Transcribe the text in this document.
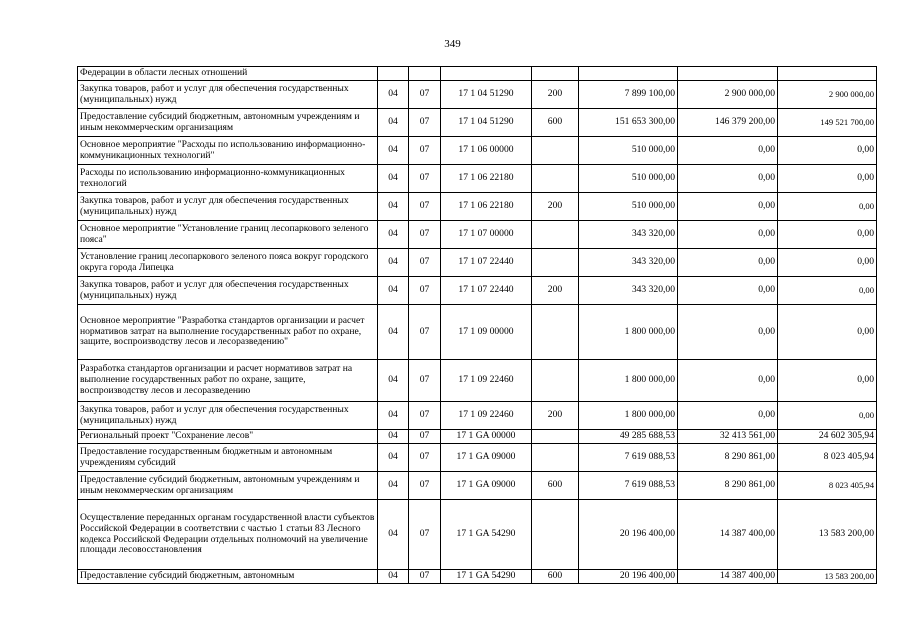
349
Федерации в области лесных отношений							
Закупка товаров, работ и услуг для обеспечения государственных (муниципальных) нужд	04	07	17 1 04 51290	200	7 899 100,00	2 900 000,00	2 900 000,00
Предоставление субсидий бюджетным, автономным учреждениям и иным некоммерческим организациям	04	07	17 1 04 51290	600	151 653 300,00	146 379 200,00	149 521 700,00
Основное мероприятие "Расходы по использованию информационно-коммуникационных технологий"	04	07	17 1 06 00000		510 000,00	0,00	0,00
Расходы по использованию информационно-коммуникационных технологий	04	07	17 1 06 22180		510 000,00	0,00	0,00
Закупка товаров, работ и услуг для обеспечения государственных (муниципальных) нужд	04	07	17 1 06 22180	200	510 000,00	0,00	0,00
Основное мероприятие "Установление границ лесопаркового зеленого пояса"	04	07	17 1 07 00000		343 320,00	0,00	0,00
Установление границ лесопаркового зеленого пояса вокруг городского округа города Липецка	04	07	17 1 07 22440		343 320,00	0,00	0,00
Закупка товаров, работ и услуг для обеспечения государственных (муниципальных) нужд	04	07	17 1 07 22440	200	343 320,00	0,00	0,00
Основное мероприятие "Разработка стандартов организации и расчет нормативов затрат на выполнение государственных работ по охране, защите, воспроизводству лесов и лесоразведению"	04	07	17 1 09 00000		1 800 000,00	0,00	0,00
Разработка стандартов организации и расчет нормативов затрат на выполнение государственных работ по охране, защите, воспроизводству лесов и лесоразведению	04	07	17 1 09 22460		1 800 000,00	0,00	0,00
Закупка товаров, работ и услуг для обеспечения государственных (муниципальных) нужд	04	07	17 1 09 22460	200	1 800 000,00	0,00	0,00
Региональный проект "Сохранение лесов"	04	07	17 1 GA 00000		49 285 688,53	32 413 561,00	24 602 305,94
Предоставление государственным бюджетным и автономным учреждениям субсидий	04	07	17 1 GA 09000		7 619 088,53	8 290 861,00	8 023 405,94
Предоставление субсидий бюджетным, автономным учреждениям и иным некоммерческим организациям	04	07	17 1 GA 09000	600	7 619 088,53	8 290 861,00	8 023 405,94
Осуществление переданных органам государственной власти субъектов Российской Федерации в соответствии с частью 1 статьи 83 Лесного кодекса Российской Федерации отдельных полномочий на увеличение площади лесовосстановления	04	07	17 1 GA 54290		20 196 400,00	14 387 400,00	13 583 200,00
Предоставление субсидий бюджетным, автономным	04	07	17 1 GA 54290	600	20 196 400,00	14 387 400,00	13 583 200,00
